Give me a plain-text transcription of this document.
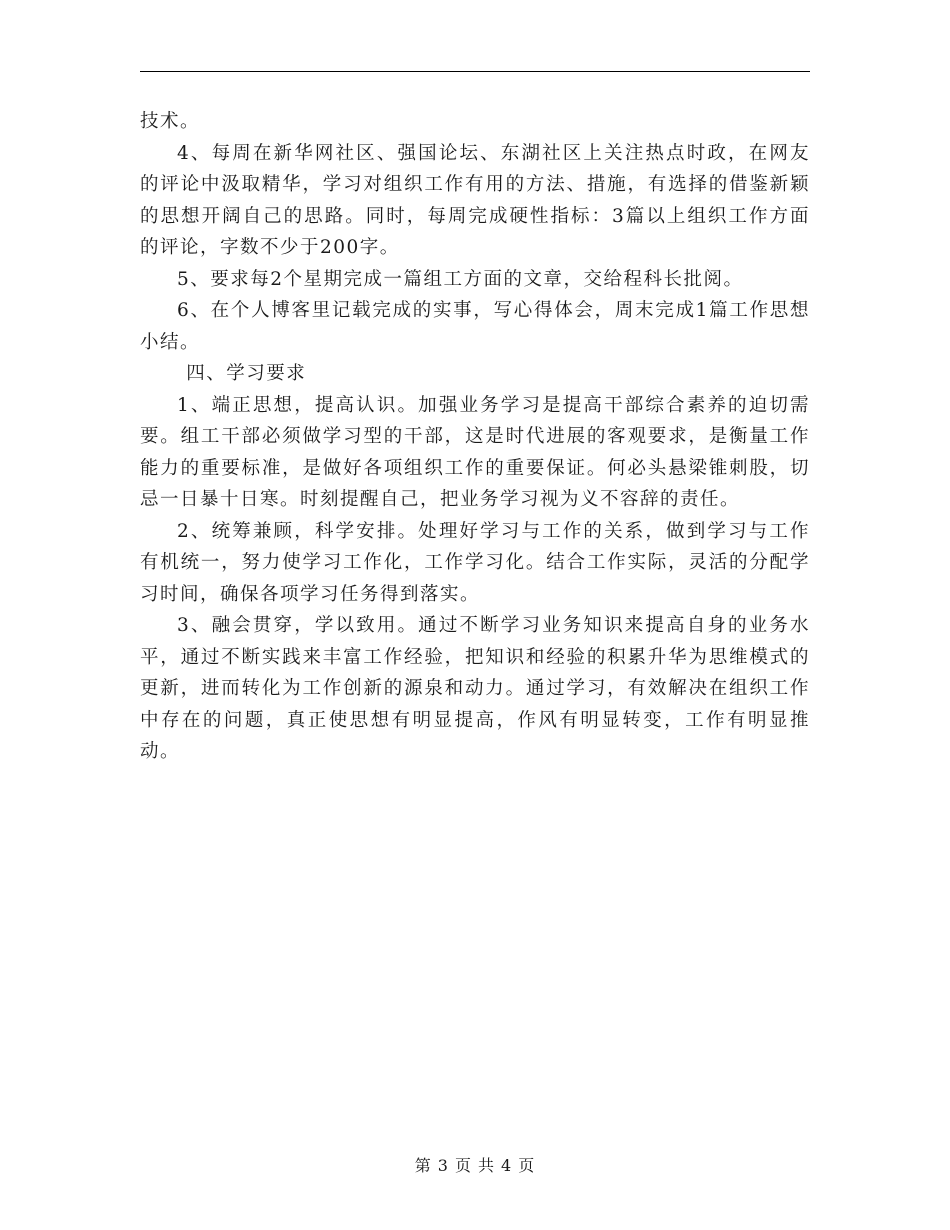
技术。

4、每周在新华网社区、强国论坛、东湖社区上关注热点时政，在网友的评论中汲取精华，学习对组织工作有用的方法、措施，有选择的借鉴新颖的思想开阔自己的思路。同时，每周完成硬性指标：3篇以上组织工作方面的评论，字数不少于200字。

5、要求每2个星期完成一篇组工方面的文章，交给程科长批阅。

6、在个人博客里记载完成的实事，写心得体会，周末完成1篇工作思想小结。

四、学习要求

1、端正思想，提高认识。加强业务学习是提高干部综合素养的迫切需要。组工干部必须做学习型的干部，这是时代进展的客观要求，是衡量工作能力的重要标准，是做好各项组织工作的重要保证。何必头悬梁锥刺股，切忌一日暴十日寒。时刻提醒自己，把业务学习视为义不容辞的责任。

2、统筹兼顾，科学安排。处理好学习与工作的关系，做到学习与工作有机统一，努力使学习工作化，工作学习化。结合工作实际，灵活的分配学习时间，确保各项学习任务得到落实。

3、融会贯穿，学以致用。通过不断学习业务知识来提高自身的业务水平，通过不断实践来丰富工作经验，把知识和经验的积累升华为思维模式的更新，进而转化为工作创新的源泉和动力。通过学习，有效解决在组织工作中存在的问题，真正使思想有明显提高，作风有明显转变，工作有明显推动。

第 3 页 共 4 页
